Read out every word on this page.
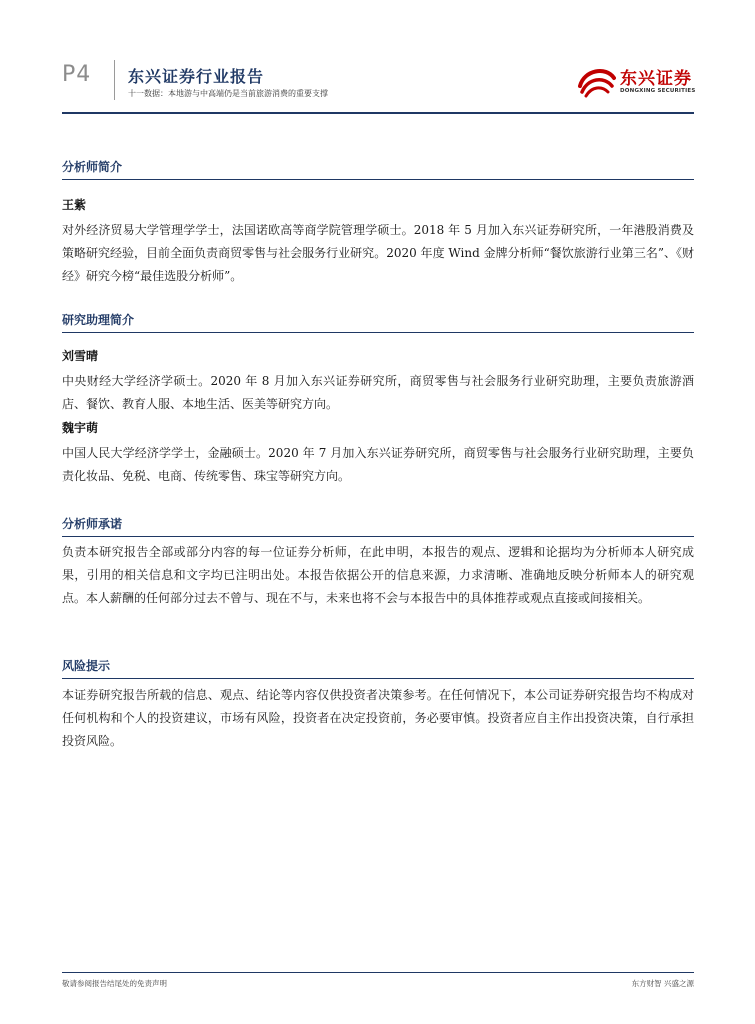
P4 东兴证券行业报告
十一数据：本地游与中高端仍是当前旅游消费的重要支撑
东兴证券
DONGXING SECURITIES
分析师简介
王紫

对外经济贸易大学管理学学士，法国诺欧高等商学院管理学硕士。2018 年 5 月加入东兴证券研究所，一年港股消费及策略研究经验，目前全面负责商贸零售与社会服务行业研究。2020 年度 Wind 金牌分析师“餐饮旅游行业第三名”、《财经》研究今榜“最佳选股分析师”。

研究助理简介
刘雪晴

中央财经大学经济学硕士。2020 年 8 月加入东兴证券研究所，商贸零售与社会服务行业研究助理，主要负责旅游酒店、餐饮、教育人服、本地生活、医美等研究方向。

魏宇萌

中国人民大学经济学学士，金融硕士。2020 年 7 月加入东兴证券研究所，商贸零售与社会服务行业研究助理，主要负责化妆品、免税、电商、传统零售、珠宝等研究方向。

分析师承诺

负责本研究报告全部或部分内容的每一位证券分析师，在此申明，本报告的观点、逻辑和论据均为分析师本人研究成果，引用的相关信息和文字均已注明出处。本报告依据公开的信息来源，力求清晰、准确地反映分析师本人的研究观点。本人薪酬的任何部分过去不曾与、现在不与，未来也将不会与本报告中的具体推荐或观点直接或间接相关。

风险提示

本证券研究报告所载的信息、观点、结论等内容仅供投资者决策参考。在任何情况下，本公司证券研究报告均不构成对任何机构和个人的投资建议，市场有风险，投资者在决定投资前，务必要审慎。投资者应自主作出投资决策，自行承担投资风险。

敬请参阅报告结尾处的免责声明	东方财智 兴盛之源
